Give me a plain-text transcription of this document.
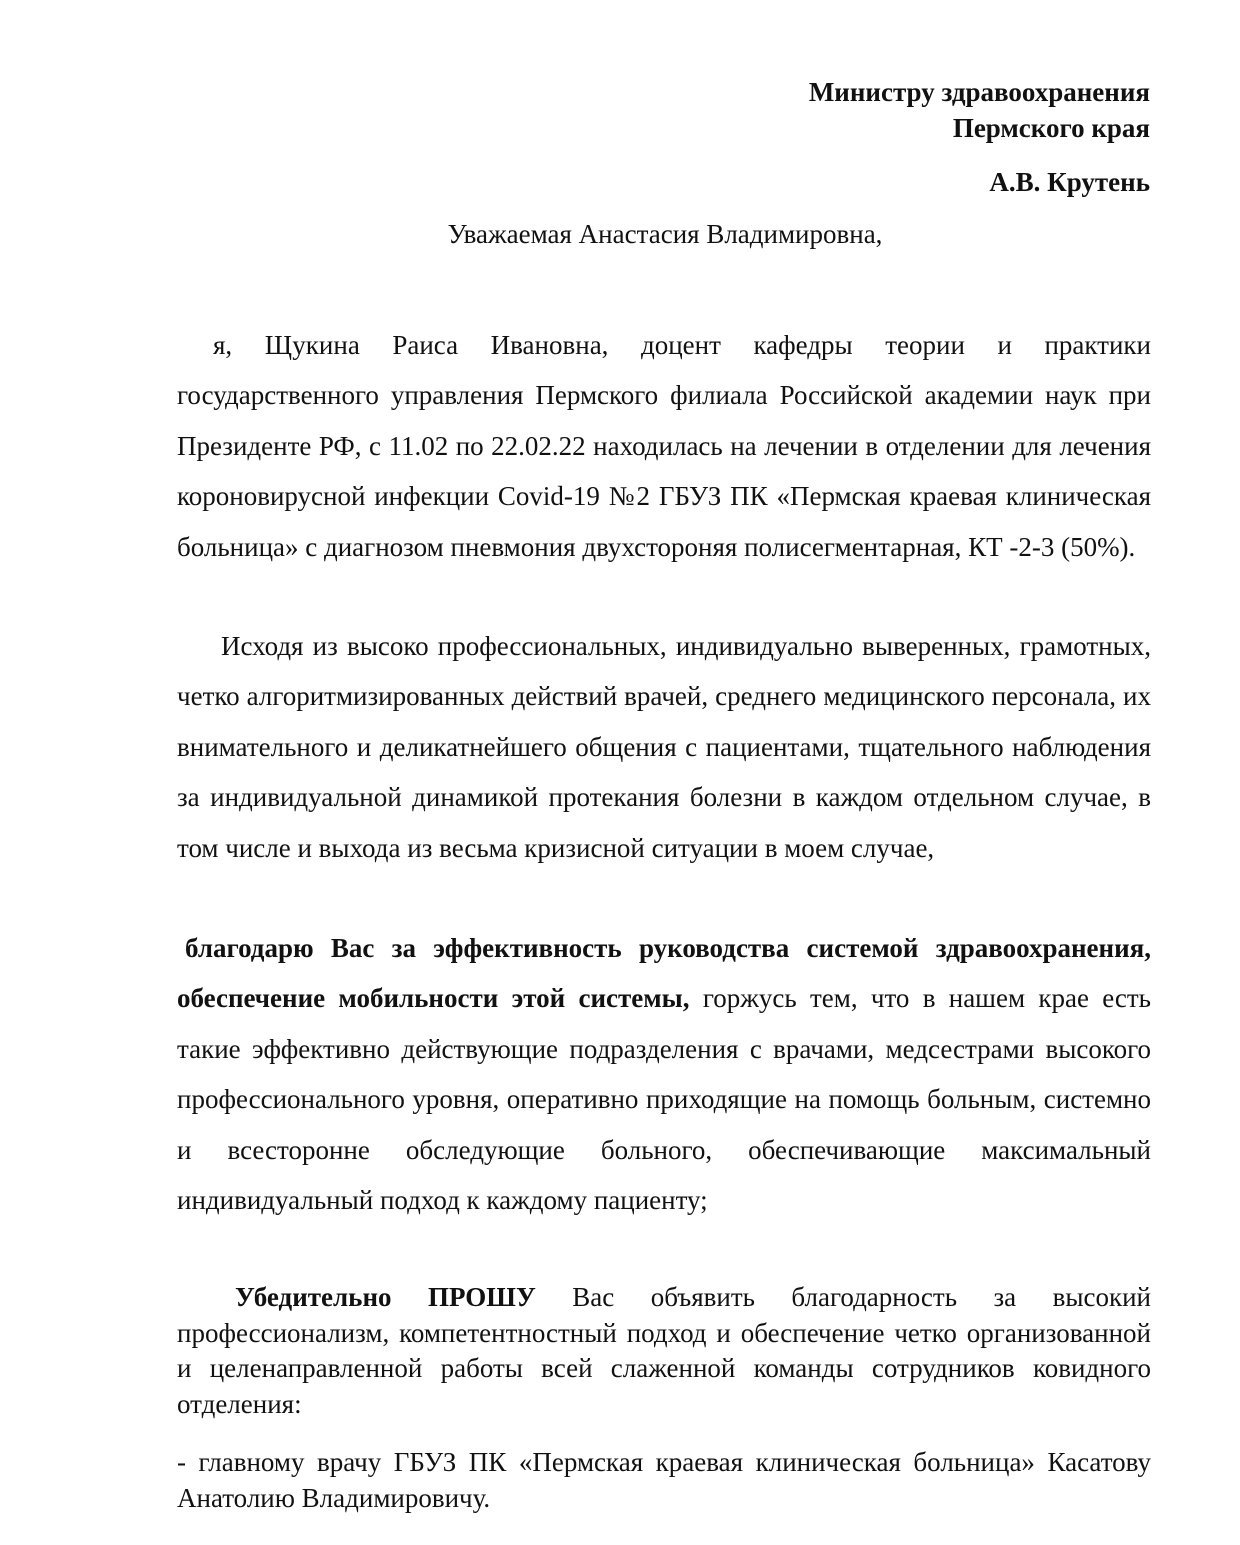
Министру здравоохранения
Пермского края
А.В. Крутень
Уважаемая Анастасия Владимировна,

я, Щукина Раиса Ивановна, доцент кафедры теории и практики государственного управления Пермского филиала Российской академии наук при Президенте РФ, с 11.02 по 22.02.22 находилась на лечении в отделении для лечения короновирусной инфекции Covid-19 №2 ГБУЗ ПК «Пермская краевая клиническая больница» с диагнозом пневмония двухстороняя полисегментарная, КТ -2-3 (50%).

Исходя из высоко профессиональных, индивидуально выверенных, грамотных, четко алгоритмизированных действий врачей, среднего медицинского персонала, их внимательного и деликатнейшего общения с пациентами, тщательного наблюдения за индивидуальной динамикой протекания болезни в каждом отдельном случае, в том числе и выхода из весьма кризисной ситуации в моем случае,

благодарю Вас за эффективность руководства системой здравоохранения, обеспечение мобильности этой системы, горжусь тем, что в нашем крае есть такие эффективно действующие подразделения с врачами, медсестрами высокого профессионального уровня, оперативно приходящие на помощь больным, системно и всесторонне обследующие больного, обеспечивающие максимальный индивидуальный подход к каждому пациенту;

Убедительно ПРОШУ Вас объявить благодарность за высокий профессионализм, компетентностный подход и обеспечение четко организованной и целенаправленной работы всей слаженной команды сотрудников ковидного отделения:

- главному врачу ГБУЗ ПК «Пермская краевая клиническая больница» Касатову Анатолию Владимировичу.
